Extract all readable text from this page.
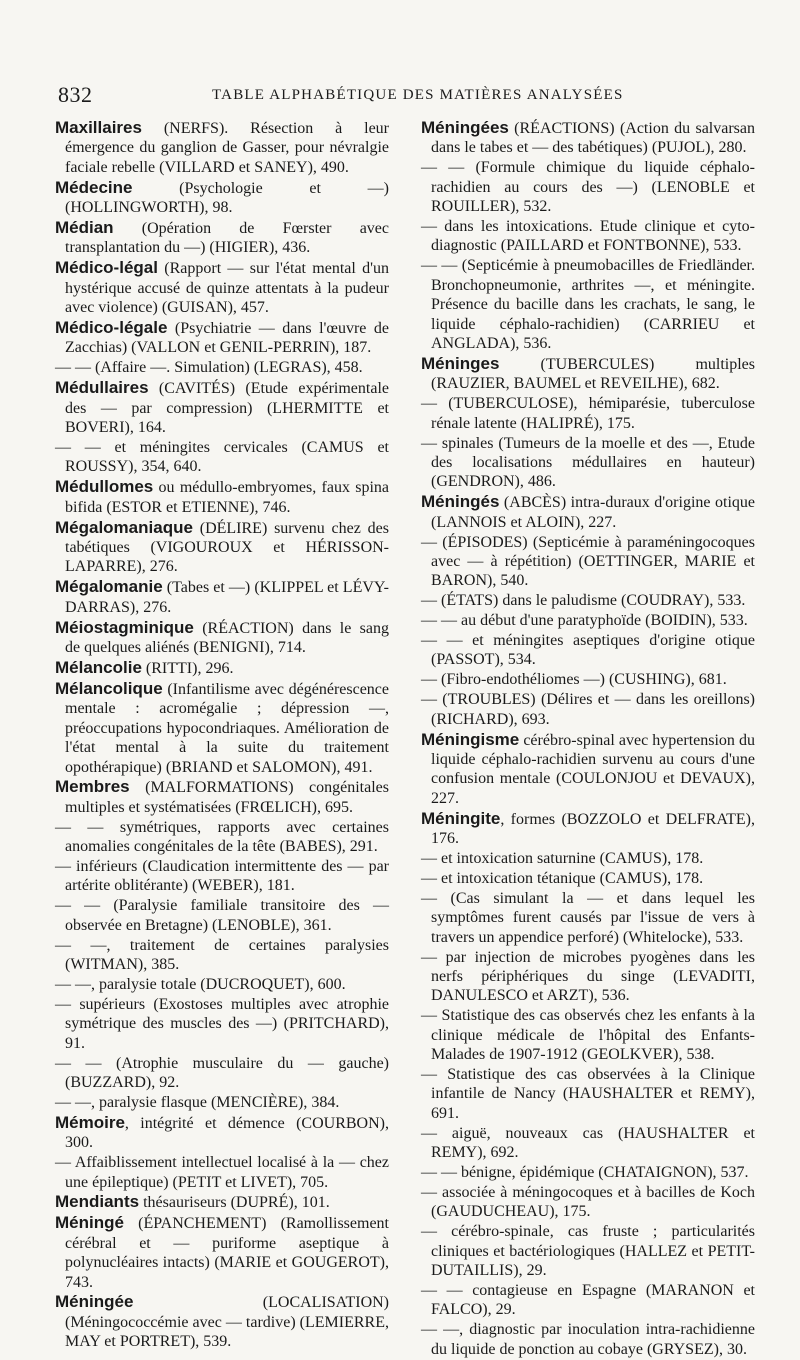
832	TABLE ALPHABÉTIQUE DES MATIÈRES ANALYSÉES

Maxillaires (NERFS). Résection à leur émergence du ganglion de Gasser, pour névralgie faciale rebelle (VILLARD et SANEY), 490.

Médecine (Psychologie et —) (HOLLINGWORTH), 98.

Médian (Opération de Fœrster avec transplantation du —) (HIGIER), 436.

Médico-légal (Rapport — sur l'état mental d'un hystérique accusé de quinze attentats à la pudeur avec violence) (GUISAN), 457.

Médico-légale (Psychiatrie — dans l'œuvre de Zacchias) (VALLON et GENIL-PERRIN), 187.

— — (Affaire —. Simulation) (LEGRAS), 458.

Médullaires (CAVITÉS) (Etude expérimentale des — par compression) (LHERMITTE et BOVERI), 164.

— — et méningites cervicales (CAMUS et ROUSSY), 354, 640.

Médullomes ou médullo-embryomes, faux spina bifida (ESTOR et ETIENNE), 746.

Mégalomaniaque (DÉLIRE) survenu chez des tabétiques (VIGOUROUX et HÉRISSON-LAPARRE), 276.

Mégalomanie (Tabes et —) (KLIPPEL et LÉVY-DARRAS), 276.

Méiostagminique (RÉACTION) dans le sang de quelques aliénés (BENIGNI), 714.

Mélancolie (RITTI), 296.

Mélancolique (Infantilisme avec dégénérescence mentale : acromégalie ; dépression —, préoccupations hypocondriaques. Amélioration de l'état mental à la suite du traitement opothérapique) (BRIAND et SALOMON), 491.

Membres (MALFORMATIONS) congénitales multiples et systématisées (FRŒLICH), 695.

— — symétriques, rapports avec certaines anomalies congénitales de la tête (BABES), 291.

— inférieurs (Claudication intermittente des — par artérite oblitérante) (WEBER), 181.

— — (Paralysie familiale transitoire des — observée en Bretagne) (LENOBLE), 361.

— —, traitement de certaines paralysies (WITMAN), 385.

— —, paralysie totale (DUCROQUET), 600.

— supérieurs (Exostoses multiples avec atrophie symétrique des muscles des —) (PRITCHARD), 91.

— — (Atrophie musculaire du — gauche) (BUZZARD), 92.

— —, paralysie flasque (MENCIÈRE), 384.

Mémoire, intégrité et démence (COURBON), 300.

— Affaiblissement intellectuel localisé à la — chez une épileptique) (PETIT et LIVET), 705.

Mendiants thésauriseurs (DUPRÉ), 101.

Méningé (ÉPANCHEMENT) (Ramollissement cérébral et — puriforme aseptique à polynucléaires intacts) (MARIE et GOUGEROT), 743.

Méningée (LOCALISATION) (Méningococcémie avec — tardive) (LEMIERRE, MAY et PORTRET), 539.

Méningées (RÉACTIONS) (Action du salvarsan dans le tabes et — des tabétiques) (PUJOL), 280.

— — (Formule chimique du liquide céphalo-rachidien au cours des —) (LENOBLE et ROUILLER), 532.

— dans les intoxications. Etude clinique et cyto-diagnostic (PAILLARD et FONTBONNE), 533.

— — (Septicémie à pneumobacilles de Friedländer. Bronchopneumonie, arthrites —, et méningite. Présence du bacille dans les crachats, le sang, le liquide céphalo-rachidien) (CARRIEU et ANGLADA), 536.

Méninges (TUBERCULES) multiples (RAUZIER, BAUMEL et REVEILHE), 682.

— (TUBERCULOSE), hémiparésie, tuberculose rénale latente (HALIPRÉ), 175.

— spinales (Tumeurs de la moelle et des —, Etude des localisations médullaires en hauteur) (GENDRON), 486.

Méningés (ABCÈS) intra-duraux d'origine otique (LANNOIS et ALOIN), 227.

— (ÉPISODES) (Septicémie à paraméningocoques avec — à répétition) (OETTINGER, MARIE et BARON), 540.

— (ÉTATS) dans le paludisme (COUDRAY), 533.

— — au début d'une paratyphoïde (BOIDIN), 533.

— — et méningites aseptiques d'origine otique (PASSOT), 534.

— (Fibro-endothéliomes —) (CUSHING), 681.

— (TROUBLES) (Délires et — dans les oreillons) (RICHARD), 693.

Méningisme cérébro-spinal avec hypertension du liquide céphalo-rachidien survenu au cours d'une confusion mentale (COULONJOU et DEVAUX), 227.

Méningite, formes (BOZZOLO et DELFRATE), 176.

— et intoxication saturnine (CAMUS), 178.

— et intoxication tétanique (CAMUS), 178.

— (Cas simulant la — et dans lequel les symptômes furent causés par l'issue de vers à travers un appendice perforé) (Whitelocke), 533.

— par injection de microbes pyogènes dans les nerfs périphériques du singe (LEVADITI, DANULESCO et ARZT), 536.

— Statistique des cas observés chez les enfants à la clinique médicale de l'hôpital des Enfants-Malades de 1907-1912 (GEOLKVER), 538.

— Statistique des cas observées à la Clinique infantile de Nancy (HAUSHALTER et REMY), 691.

— aiguë, nouveaux cas (HAUSHALTER et REMY), 692.

— — bénigne, épidémique (CHATAIGNON), 537.

— associée à méningocoques et à bacilles de Koch (GAUDUCHEAU), 175.

— cérébro-spinale, cas fruste ; particularités cliniques et bactériologiques (HALLEZ et PETIT-DUTAILLIS), 29.

— — contagieuse en Espagne (MARANON et FALCO), 29.

— —, diagnostic par inoculation intra-rachidienne du liquide de ponction au cobaye (GRYSEZ), 30.
